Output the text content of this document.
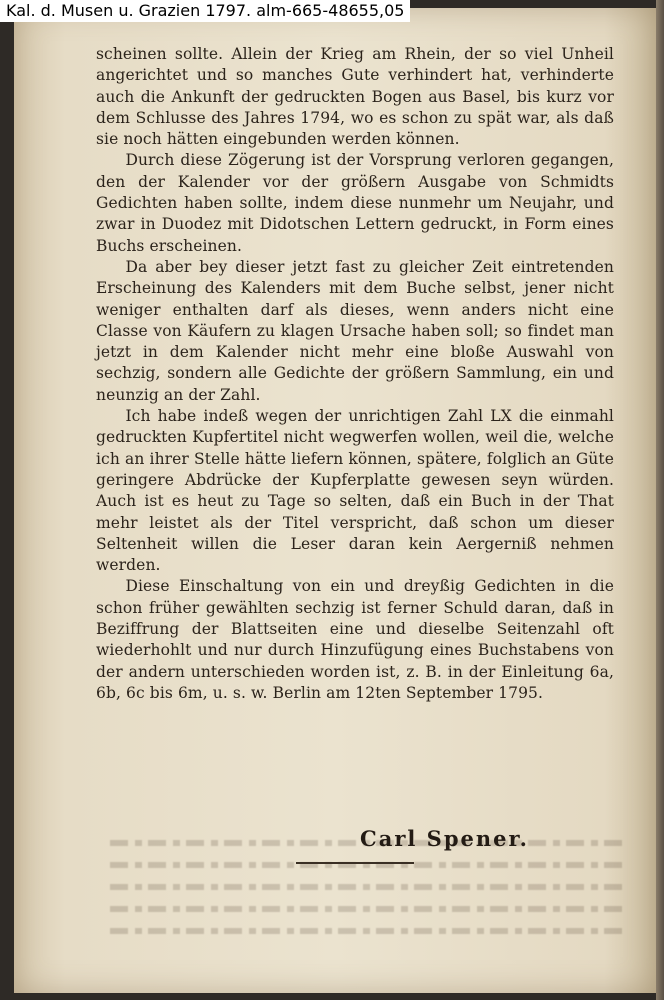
Kal. d. Musen u. Grazien 1797. alm-665-48655,05

scheinen sollte. Allein der Krieg am Rhein, der so viel Unheil angerichtet und so manches Gute verhindert hat, verhinderte auch die Ankunft der gedruckten Bogen aus Basel, bis kurz vor dem Schlusse des Jahres 1794, wo es schon zu spät war, als daß sie noch hätten eingebunden werden können.

Durch diese Zögerung ist der Vorsprung verloren gegangen, den der Kalender vor der größern Ausgabe von Schmidts Gedichten haben sollte, indem diese nunmehr um Neujahr, und zwar in Duodez mit Didotschen Lettern gedruckt, in Form eines Buchs erscheinen.

Da aber bey dieser jetzt fast zu gleicher Zeit eintretenden Erscheinung des Kalenders mit dem Buche selbst, jener nicht weniger enthalten darf als dieses, wenn anders nicht eine Classe von Käufern zu klagen Ursache haben soll; so findet man jetzt in dem Kalender nicht mehr eine bloße Auswahl von sechzig, sondern alle Gedichte der größern Sammlung, ein und neunzig an der Zahl.

Ich habe indeß wegen der unrichtigen Zahl LX die einmahl gedruckten Kupfertitel nicht wegwerfen wollen, weil die, welche ich an ihrer Stelle hätte liefern können, spätere, folglich an Güte geringere Abdrücke der Kupferplatte gewesen seyn würden. Auch ist es heut zu Tage so selten, daß ein Buch in der That mehr leistet als der Titel verspricht, daß schon um dieser Seltenheit willen die Leser daran kein Aergerniß nehmen werden.

Diese Einschaltung von ein und dreyßig Gedichten in die schon früher gewählten sechzig ist ferner Schuld daran, daß in Beziffrung der Blattseiten eine und dieselbe Seitenzahl oft wiederhohlt und nur durch Hinzufügung eines Buchstabens von der andern unterschieden worden ist, z. B. in der Einleitung 6a, 6b, 6c bis 6m, u. s. w. Berlin am 12ten September 1795.

Carl Spener.
